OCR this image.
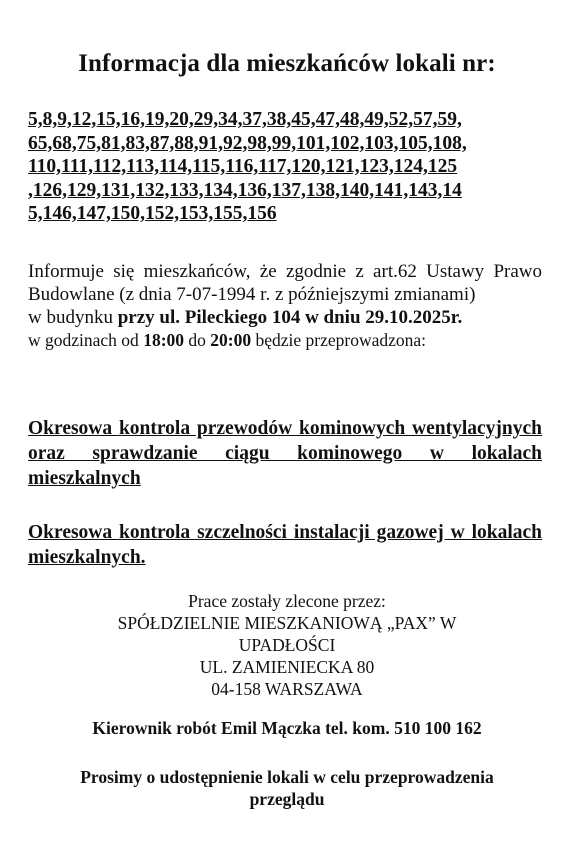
Informacja dla mieszkańców lokali nr:
5,8,9,12,15,16,19,20,29,34,37,38,45,47,48,49,52,57,59,
65,68,75,81,83,87,88,91,92,98,99,101,102,103,105,108,
110,111,112,113,114,115,116,117,120,121,123,124,125
,126,129,131,132,133,134,136,137,138,140,141,143,14
5,146,147,150,152,153,155,156

Informuje się mieszkańców, że zgodnie z art.62 Ustawy Prawo Budowlane (z dnia 7-07-1994 r. z późniejszymi zmianami)

w budynku przy ul. Pileckiego 104 w dniu 29.10.2025r.

w godzinach od 18:00 do 20:00 będzie przeprowadzona:

Okresowa kontrola przewodów kominowych wentylacyjnych oraz sprawdzanie ciągu kominowego w lokalach mieszkalnych
Okresowa kontrola szczelności instalacji gazowej w lokalach mieszkalnych.
Prace zostały zlecone przez:
SPÓŁDZIELNIE MIESZKANIOWĄ „PAX” W
UPADŁOŚCI
UL. ZAMIENIECKA 80
04-158 WARSZAWA
Kierownik robót Emil Mączka tel. kom. 510 100 162
Prosimy o udostępnienie lokali w celu przeprowadzenia
przeglądu
